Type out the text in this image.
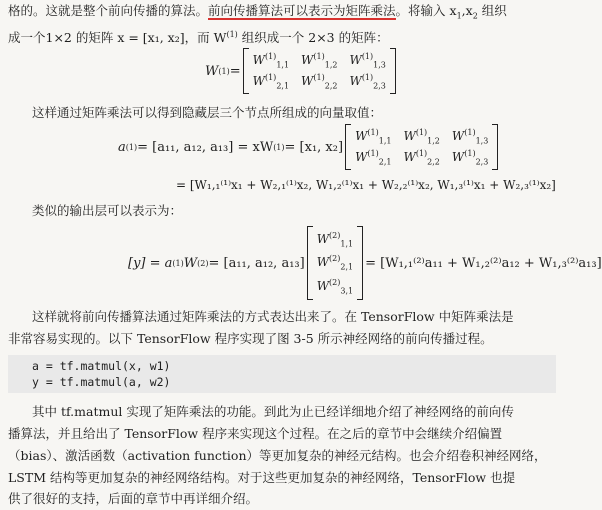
格的。这就是整个前向传播的算法。前向传播算法可以表示为矩阵乘法。将输入 $x_1,x_2$ 组织
成一个1×2 的矩阵 x = [x₁, x₂]，而 $W^{(1)}$ 组织成一个 2×3 的矩阵：
W (1) =
$W^{(1)}_{1,1}$ $W^{(1)}_{1,2}$ $W^{(1)}_{1,3}$
$W^{(1)}_{2,1}$ $W^{(1)}_{2,2}$ $W^{(1)}_{2,3}$
这样通过矩阵乘法可以得到隐藏层三个节点所组成的向量取值：
a (1) = [a₁₁, a₁₂, a₁₃] = xW (1) = [x₁, x₂]
$W^{(1)}_{1,1}$ $W^{(1)}_{1,2}$ $W^{(1)}_{1,3}$
$W^{(1)}_{2,1}$ $W^{(1)}_{2,2}$ $W^{(1)}_{2,3}$
= [W₁,₁⁽¹⁾x₁ + W₂,₁⁽¹⁾x₂, W₁,₂⁽¹⁾x₁ + W₂,₂⁽¹⁾x₂, W₁,₃⁽¹⁾x₁ + W₂,₃⁽¹⁾x₂]
类似的输出层可以表示为：
[y] = a (1) W (2) = [a₁₁, a₁₂, a₁₃]
$W^{(2)}_{1,1}$
$W^{(2)}_{2,1}$
$W^{(2)}_{3,1}$
= [W₁,₁⁽²⁾a₁₁ + W₁,₂⁽²⁾a₁₂ + W₁,₃⁽²⁾a₁₃]
这样就将前向传播算法通过矩阵乘法的方式表达出来了。在 TensorFlow 中矩阵乘法是
非常容易实现的。以下 TensorFlow 程序实现了图 3-5 所示神经网络的前向传播过程。
a = tf.matmul(x, w1)
y = tf.matmul(a, w2)
其中 tf.matmul 实现了矩阵乘法的功能。到此为止已经详细地介绍了神经网络的前向传
播算法，并且给出了 TensorFlow 程序来实现这个过程。在之后的章节中会继续介绍偏置
（bias）、激活函数（activation function）等更加复杂的神经元结构。也会介绍卷积神经网络，
LSTM 结构等更加复杂的神经网络结构。对于这些更加复杂的神经网络，TensorFlow 也提
供了很好的支持，后面的章节中再详细介绍。
